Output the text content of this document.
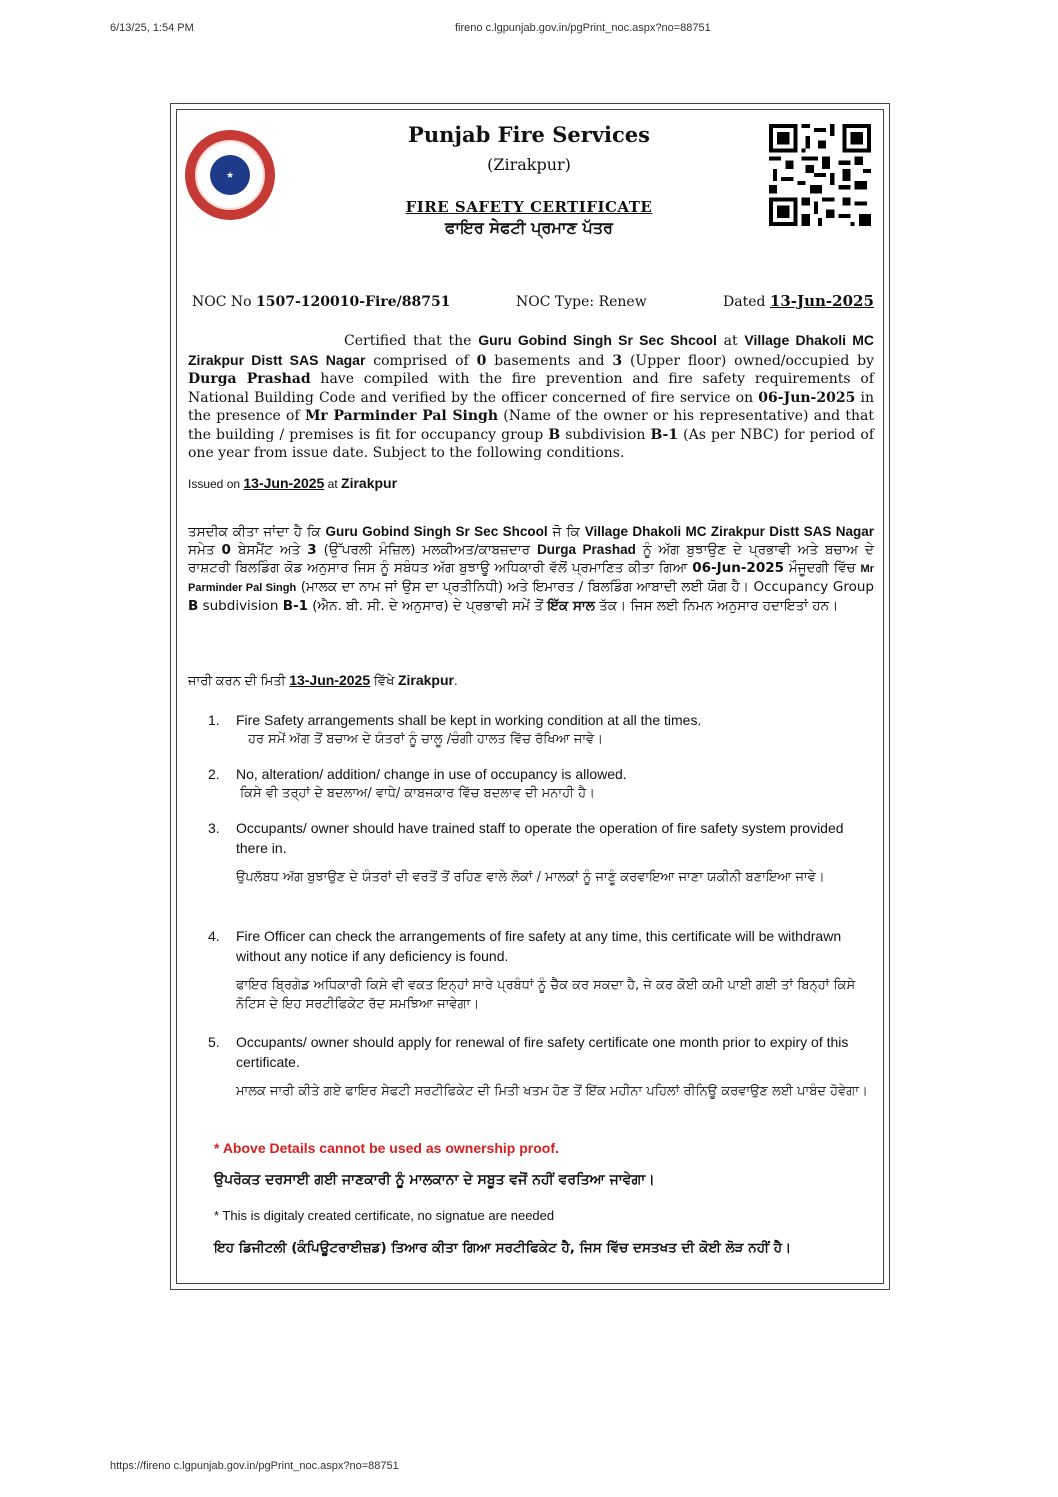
6/13/25, 1:54 PM	fireno c.lgpunjab.gov.in/pgPrint_noc.aspx?no=88751
★
Punjab Fire Services
(Zirakpur)
FIRE SAFETY CERTIFICATE
ਫਾਇਰ ਸੇਫਟੀ ਪ੍ਰਮਾਣ ਪੱਤਰ
NOC No 1507-120010-Fire/88751	NOC Type: Renew	Dated 13-Jun-2025
Certified that the Guru Gobind Singh Sr Sec Shcool at Village Dhakoli MC Zirakpur Distt SAS Nagar comprised of 0 basements and 3 (Upper floor) owned/occupied by Durga Prashad have compiled with the fire prevention and fire safety requirements of National Building Code and verified by the officer concerned of fire service on 06-Jun-2025 in the presence of Mr Parminder Pal Singh (Name of the owner or his representative) and that the building / premises is fit for occupancy group B subdivision B-1 (As per NBC) for period of one year from issue date. Subject to the following conditions.
Issued on 13-Jun-2025 at Zirakpur
ਤਸਦੀਕ ਕੀਤਾ ਜਾਂਦਾ ਹੈ ਕਿ Guru Gobind Singh Sr Sec Shcool ਜੋ ਕਿ Village Dhakoli MC Zirakpur Distt SAS Nagar ਸਮੇਤ 0 ਬੇਸਮੈਂਟ ਅਤੇ 3 (ਉੱਪਰਲੀ ਮੰਜ਼ਿਲ) ਮਲਕੀਅਤ/ਕਾਬਜ਼ਦਾਰ Durga Prashad ਨੂੰ ਅੱਗ ਬੁਝਾਉਣ ਦੇ ਪ੍ਰਭਾਵੀ ਅਤੇ ਬਚਾਅ ਦੇ ਰਾਸ਼ਟਰੀ ਬਿਲਡਿੰਗ ਕੋਡ ਅਨੁਸਾਰ ਜਿਸ ਨੂੰ ਸਬੰਧਤ ਅੱਗ ਬੁਝਾਊ ਅਧਿਕਾਰੀ ਵੱਲੋਂ ਪ੍ਰਮਾਣਿਤ ਕੀਤਾ ਗਿਆ 06-Jun-2025 ਮੌਜੂਦਗੀ ਵਿੱਚ Mr Parminder Pal Singh (ਮਾਲਕ ਦਾ ਨਾਮ ਜਾਂ ਉਸ ਦਾ ਪ੍ਰਤੀਨਿਧੀ) ਅਤੇ ਇਮਾਰਤ / ਬਿਲਡਿੰਗ ਆਬਾਦੀ ਲਈ ਯੋਗ ਹੈ। Occupancy Group B subdivision B-1 (ਐਨ. ਬੀ. ਸੀ. ਦੇ ਅਨੁਸਾਰ) ਦੇ ਪ੍ਰਭਾਵੀ ਸਮੇਂ ਤੋਂ ਇੱਕ ਸਾਲ ਤੱਕ। ਜਿਸ ਲਈ ਨਿਮਨ ਅਨੁਸਾਰ ਹਦਾਇਤਾਂ ਹਨ।
ਜਾਰੀ ਕਰਨ ਦੀ ਮਿਤੀ 13-Jun-2025 ਵਿੱਖੇ Zirakpur.
1.	Fire Safety arrangements shall be kept in working condition at all the times.
ਹਰ ਸਮੇਂ ਅੱਗ ਤੋਂ ਬਚਾਅ ਦੇ ਯੰਤਰਾਂ ਨੂੰ ਚਾਲੂ /ਚੰਗੀ ਹਾਲਤ ਵਿੱਚ ਰੱਖਿਆ ਜਾਵੇ।
2.	No, alteration/ addition/ change in use of occupancy is allowed.
ਕਿਸੇ ਵੀ ਤਰ੍ਹਾਂ ਦੇ ਬਦਲਾਅ/ ਵਾਧੇ/ ਕਾਬਜਕਾਰ ਵਿੱਚ ਬਦਲਾਵ ਦੀ ਮਨਾਹੀ ਹੈ।
3.	Occupants/ owner should have trained staff to operate the operation of fire safety system provided there in.
ਉਪਲੱਬਧ ਅੱਗ ਬੁਝਾਉਣ ਦੇ ਯੰਤਰਾਂ ਦੀ ਵਰਤੋਂ ਤੋਂ ਰਹਿਣ ਵਾਲੇ ਲੋਕਾਂ / ਮਾਲਕਾਂ ਨੂੰ ਜਾਣੂੰ ਕਰਵਾਇਆ ਜਾਣਾ ਯਕੀਨੀ ਬਣਾਇਆ ਜਾਵੇ।
4.	Fire Officer can check the arrangements of fire safety at any time, this certificate will be withdrawn without any notice if any deficiency is found.
ਫਾਇਰ ਬ੍ਰਿਗੇਡ ਅਧਿਕਾਰੀ ਕਿਸੇ ਵੀ ਵਕਤ ਇਨ੍ਹਾਂ ਸਾਰੇ ਪ੍ਰਬੰਧਾਂ ਨੂੰ ਚੈੱਕ ਕਰ ਸਕਦਾ ਹੈ, ਜੇ ਕਰ ਕੋਈ ਕਮੀ ਪਾਈ ਗਈ ਤਾਂ ਬਿਨ੍ਹਾਂ ਕਿਸੇ ਨੋਟਿਸ ਦੇ ਇਹ ਸਰਟੀਫਿਕੇਟ ਰੱਦ ਸਮਝਿਆ ਜਾਵੇਗਾ।
5.	Occupants/ owner should apply for renewal of fire safety certificate one month prior to expiry of this certificate.
ਮਾਲਕ ਜਾਰੀ ਕੀਤੇ ਗਏ ਫਾਇਰ ਸੇਫਟੀ ਸਰਟੀਫਿਕੇਟ ਦੀ ਮਿਤੀ ਖਤਮ ਹੋਣ ਤੋਂ ਇੱਕ ਮਹੀਨਾ ਪਹਿਲਾਂ ਰੀਨਿਊ ਕਰਵਾਉਣ ਲਈ ਪਾਬੰਦ ਹੋਵੇਗਾ।
* Above Details cannot be used as ownership proof.
ਉਪਰੋਕਤ ਦਰਸਾਈ ਗਈ ਜਾਣਕਾਰੀ ਨੂੰ ਮਾਲਕਾਨਾ ਦੇ ਸਬੂਤ ਵਜੋਂ ਨਹੀਂ ਵਰਤਿਆ ਜਾਵੇਗਾ।
* This is digitaly created certificate, no signatue are needed
ਇਹ ਡਿਜੀਟਲੀ (ਕੰਪਿਊਟਰਾਈਜ਼ਡ) ਤਿਆਰ ਕੀਤਾ ਗਿਆ ਸਰਟੀਫਿਕੇਟ ਹੈ, ਜਿਸ ਵਿੱਚ ਦਸਤਖਤ ਦੀ ਕੋਈ ਲੋੜ ਨਹੀਂ ਹੈ।
https://fireno c.lgpunjab.gov.in/pgPrint_noc.aspx?no=88751
